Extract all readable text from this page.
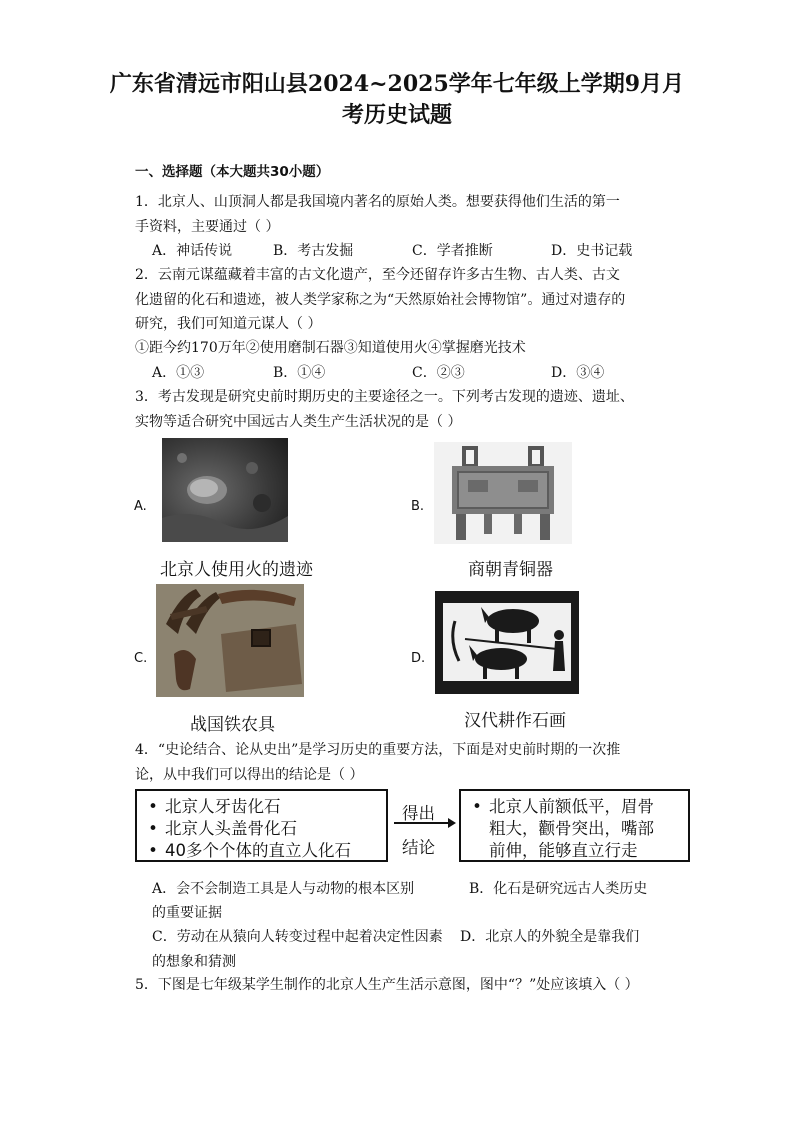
广东省清远市阳山县2024~2025学年七年级上学期9月月
考历史试题
一、选择题（本大题共30小题）
1．北京人、山顶洞人都是我国境内著名的原始人类。想要获得他们生活的第一
手资料，主要通过（ ）
A．神话传说	B．考古发掘	C．学者推断	D．史书记载
2．云南元谋蕴藏着丰富的古文化遗产，至今还留存许多古生物、古人类、古文
化遗留的化石和遗迹，被人类学家称之为“天然原始社会博物馆”。通过对遗存的
研究，我们可知道元谋人（ ）
①距今约170万年②使用磨制石器③知道使用火④掌握磨光技术
A．①③	B．①④	C．②③	D．③④
3．考古发现是研究史前时期历史的主要途径之一。下列考古发现的遗迹、遗址、
实物等适合研究中国远古人类生产生活状况的是（ ）
A.
北京人使用火的遗迹
B.
商朝青铜器
C.
战国铁农具
D.
汉代耕作石画
4．“史论结合、论从史出”是学习历史的重要方法，下面是对史前时期的一次推
论，从中我们可以得出的结论是（ ）
• 北京人牙齿化石
• 北京人头盖骨化石
• 40多个个体的直立人化石
得出
结论
• 北京人前额低平，眉骨
粗大，颧骨突出，嘴部
前伸，能够直立行走
A．会不会制造工具是人与动物的根本区别	B．化石是研究远古人类历史
的重要证据
C．劳动在从猿向人转变过程中起着决定性因素 D．北京人的外貌全是靠我们
的想象和猜测
5．下图是七年级某学生制作的北京人生产生活示意图，图中“？”处应该填入（ ）
